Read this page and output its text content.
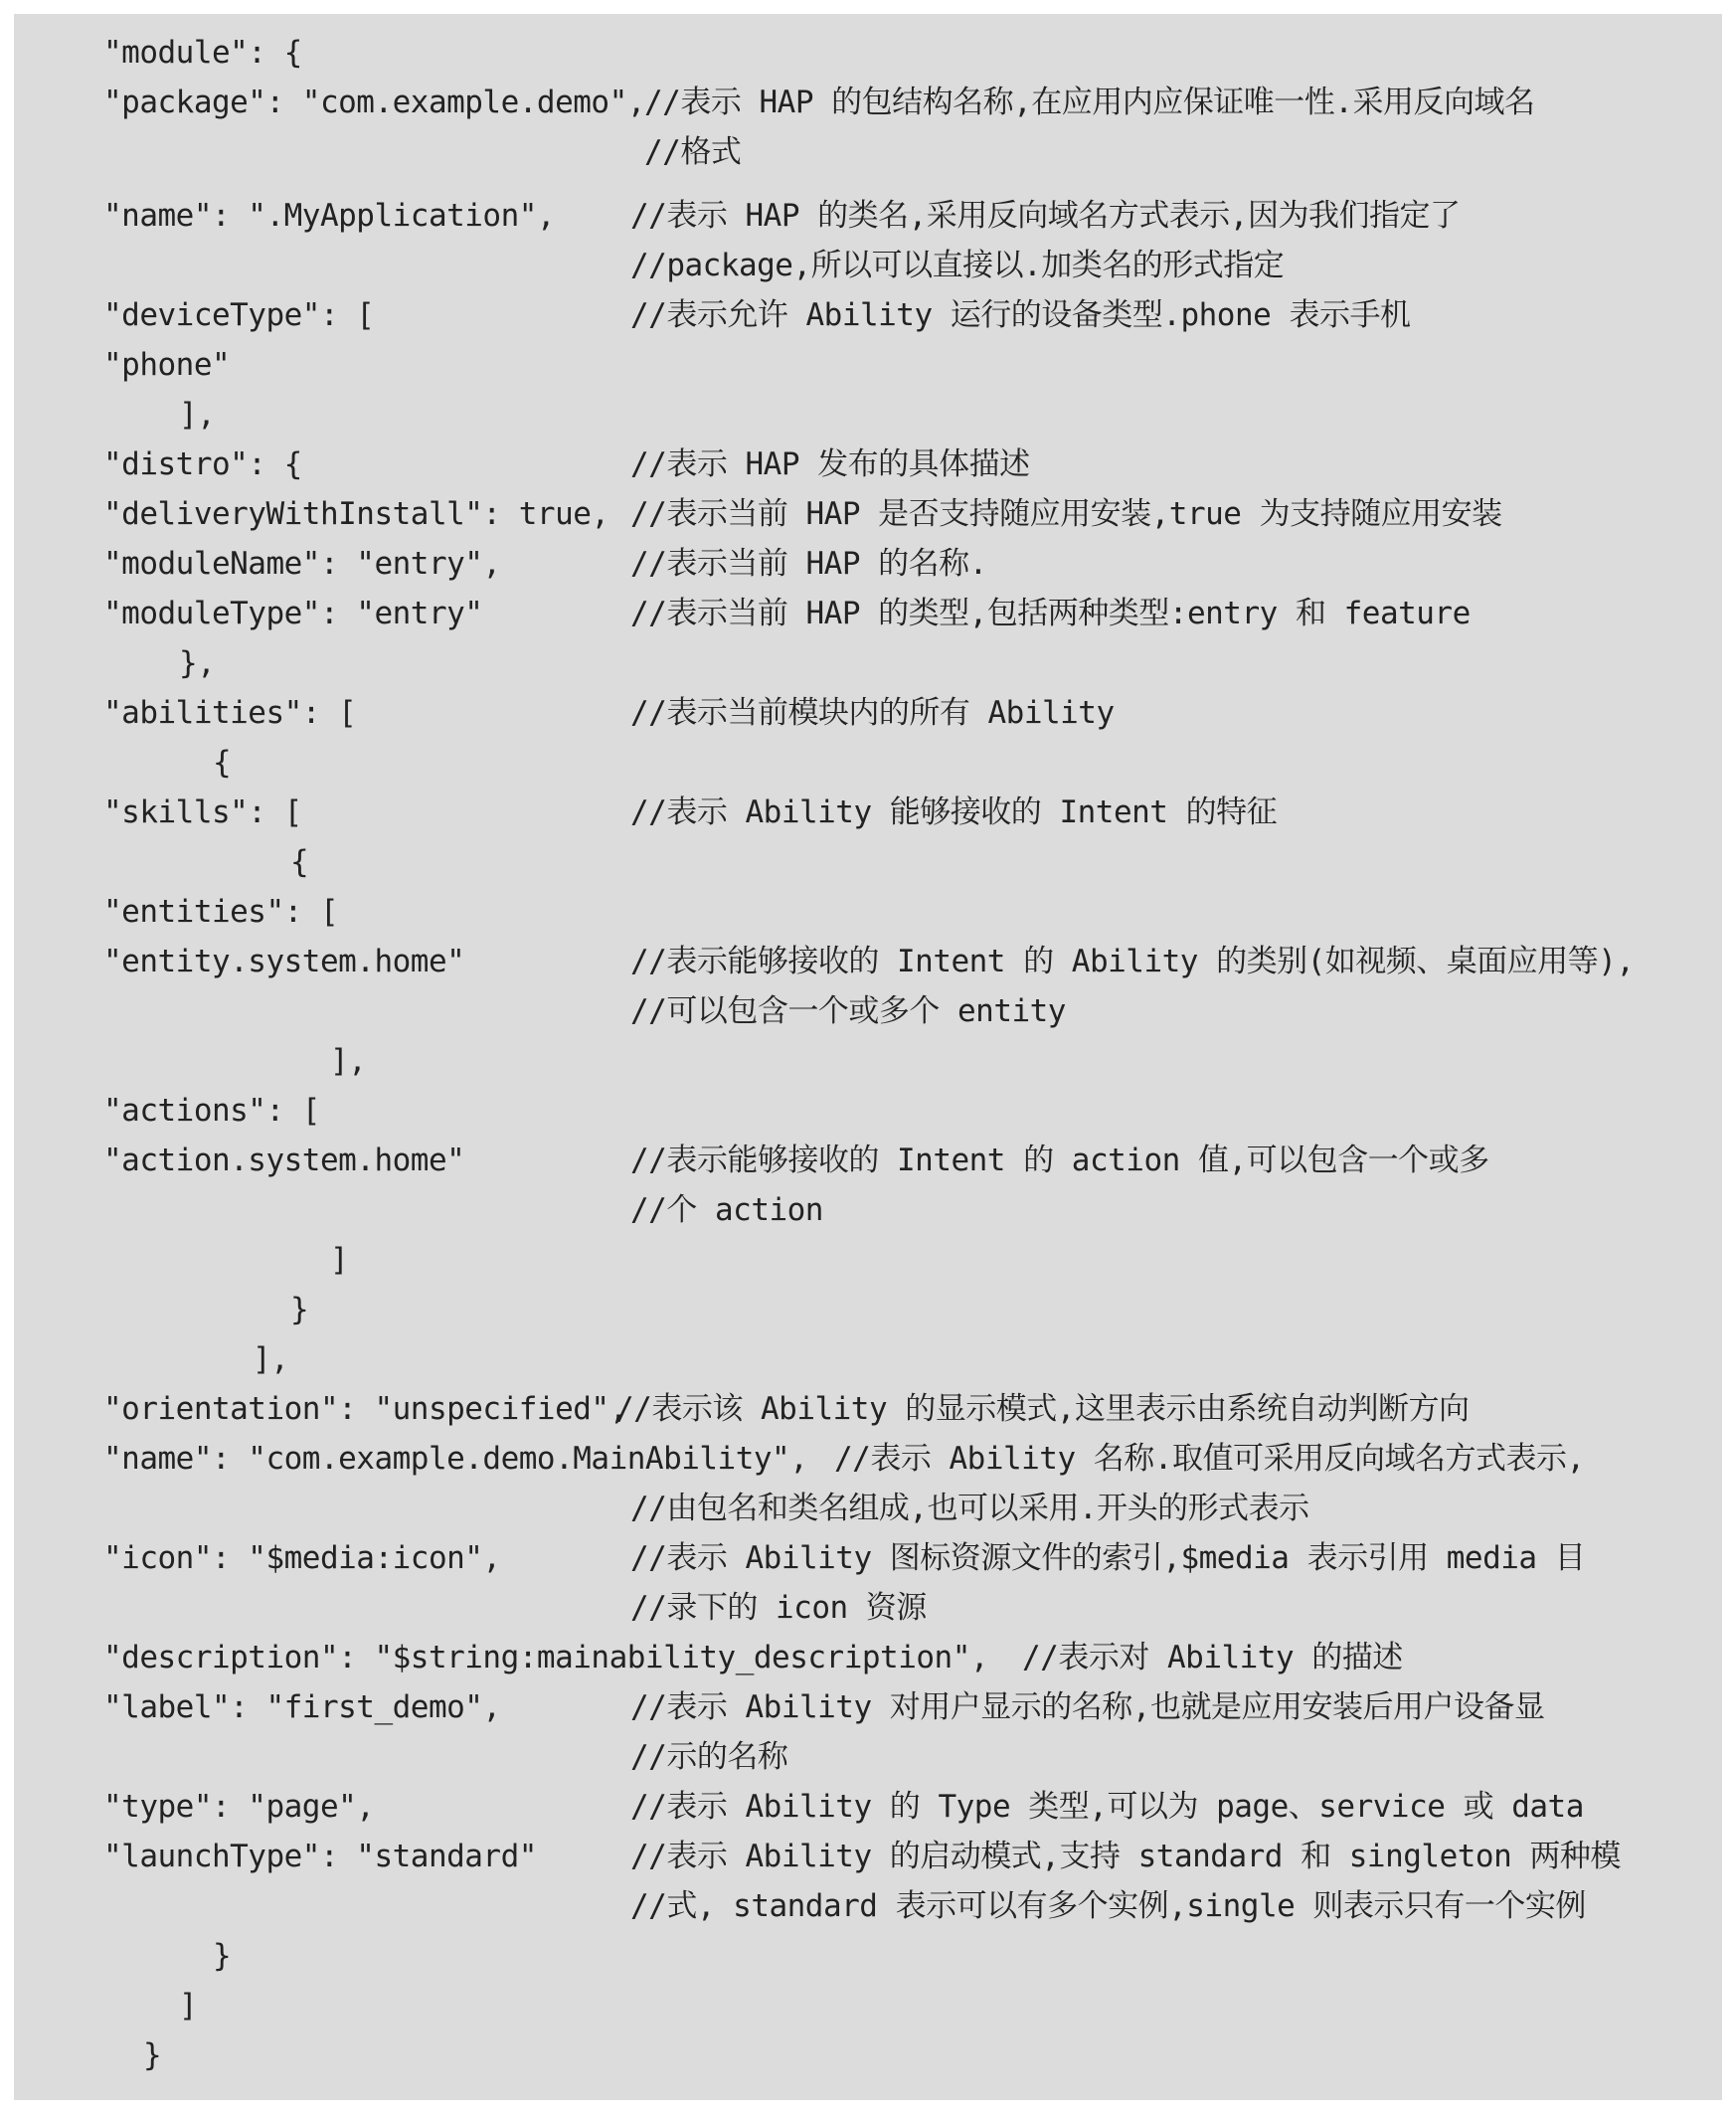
"module": {
"package": "com.example.demo", //表示 HAP 的包结构名称,在应用内应保证唯一性.采用反向域名
//格式
"name": ".MyApplication", //表示 HAP 的类名,采用反向域名方式表示,因为我们指定了
//package,所以可以直接以.加类名的形式指定
"deviceType": [	//表示允许 Ability 运行的设备类型.phone 表示手机
"phone"
],
"distro": {	//表示 HAP 发布的具体描述
"deliveryWithInstall": true, //表示当前 HAP 是否支持随应用安装,true 为支持随应用安装
"moduleName": "entry",	//表示当前 HAP 的名称.
"moduleType": "entry"	//表示当前 HAP 的类型,包括两种类型:entry 和 feature
},
"abilities": [	//表示当前模块内的所有 Ability
{
"skills": [	//表示 Ability 能够接收的 Intent 的特征
{
"entities": [
"entity.system.home"	//表示能够接收的 Intent 的 Ability 的类别(如视频、桌面应用等),
//可以包含一个或多个 entity
],
"actions": [
"action.system.home"	//表示能够接收的 Intent 的 action 值,可以包含一个或多
//个 action
]
}
],
"orientation": "unspecified",
//表示该 Ability 的显示模式,这里表示由系统自动判断方向
"name": "com.example.demo.MainAbility", //表示 Ability 名称.取值可采用反向域名方式表示,
//由包名和类名组成,也可以采用.开头的形式表示
"icon": "$media:icon",	//表示 Ability 图标资源文件的索引,$media 表示引用 media 目
//录下的 icon 资源
"description": "$string:mainability_description", //表示对 Ability 的描述
"label": "first_demo",	//表示 Ability 对用户显示的名称,也就是应用安装后用户设备显
//示的名称
"type": "page",	//表示 Ability 的 Type 类型,可以为 page、service 或 data
"launchType": "standard"	//表示 Ability 的启动模式,支持 standard 和 singleton 两种模
//式, standard 表示可以有多个实例,single 则表示只有一个实例
}
]
}
